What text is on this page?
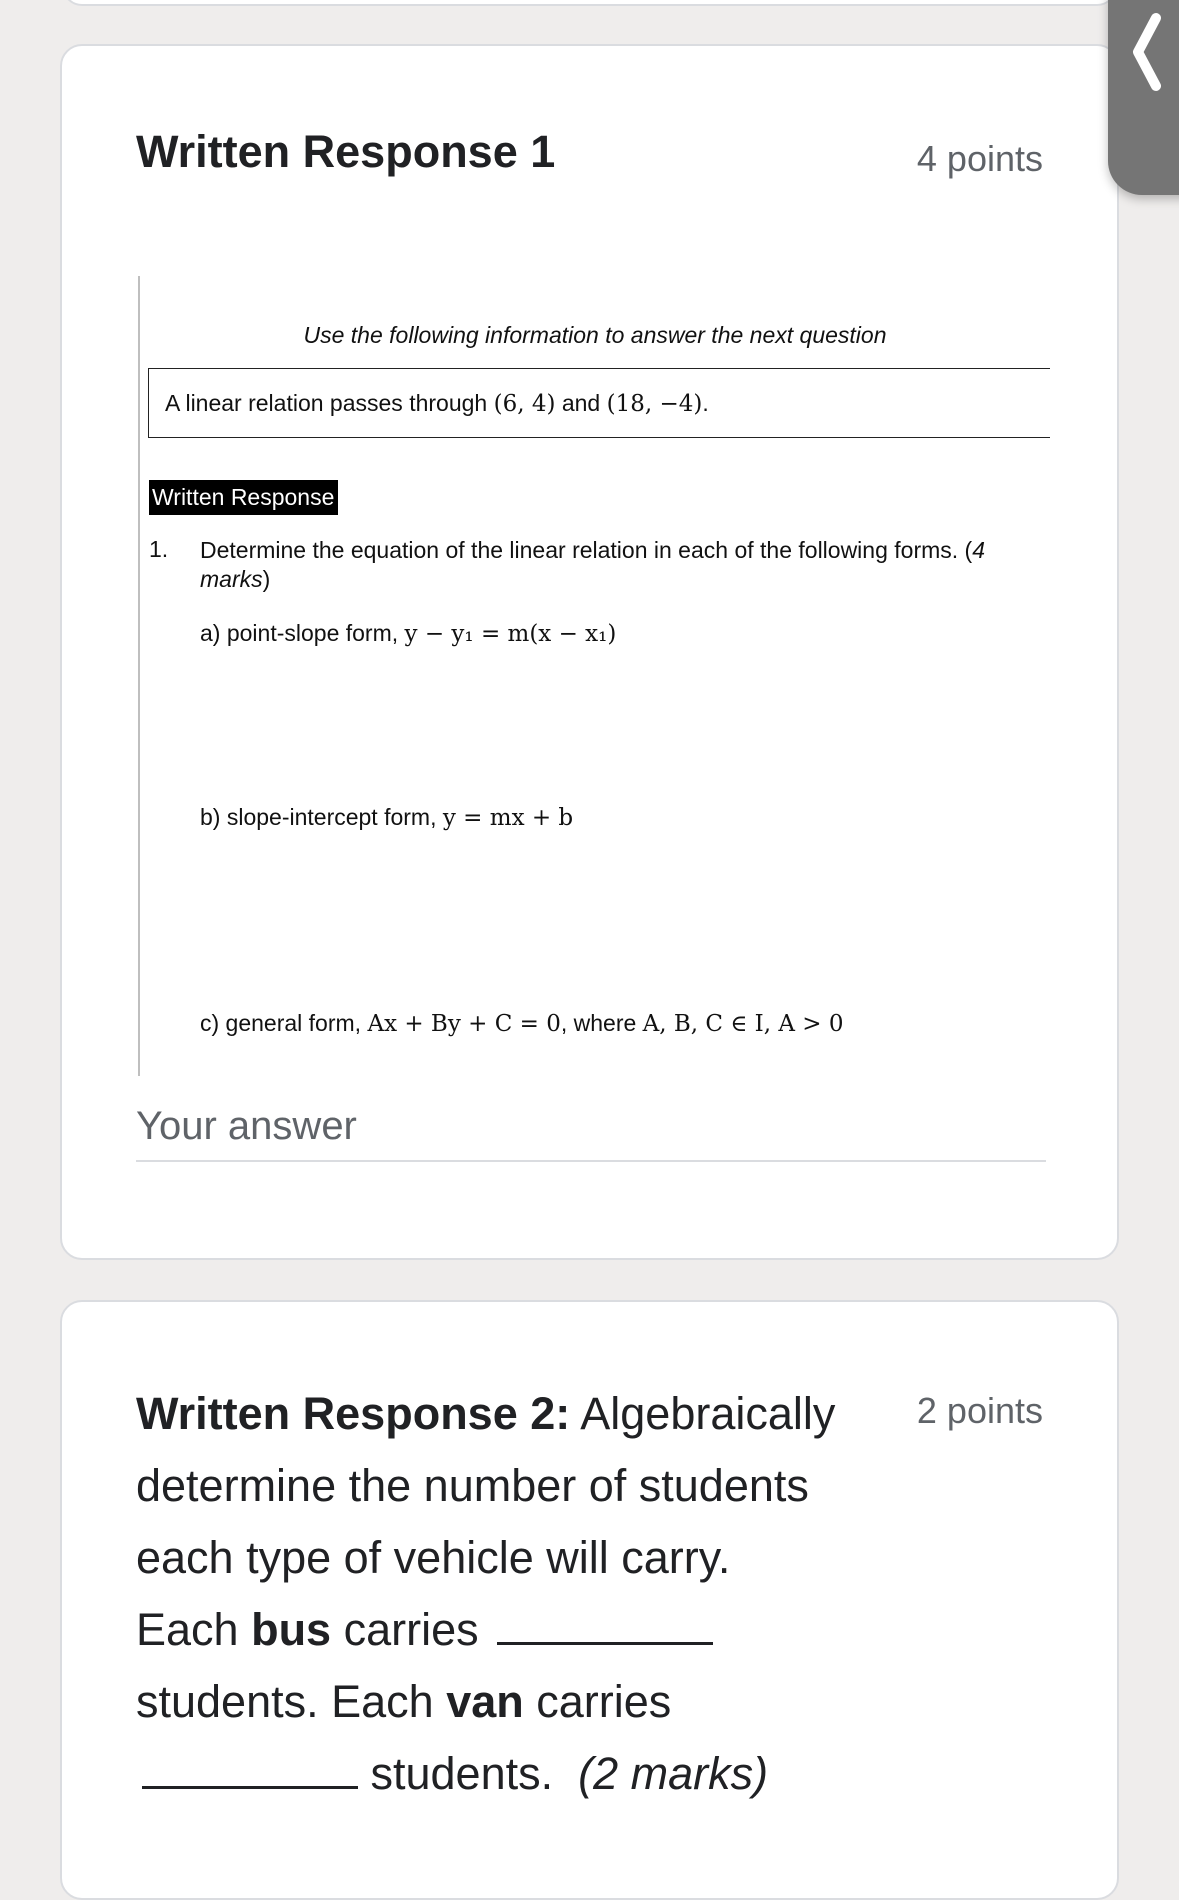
Written Response 1	4 points
Use the following information to answer the next question
A linear relation passes through (6, 4) and (18, −4).
Written Response
1. Determine the equation of the linear relation in each of the following forms. (4 marks)
a) point-slope form, y − y₁ = m(x − x₁)
b) slope-intercept form, y = mx + b
c) general form, Ax + By + C = 0, where A, B, C ∈ I, A > 0
Your answer
Written Response 2: Algebraically determine the number of students each type of vehicle will carry.
Each bus carries  students. Each van carries  students. (2 marks)
2 points
